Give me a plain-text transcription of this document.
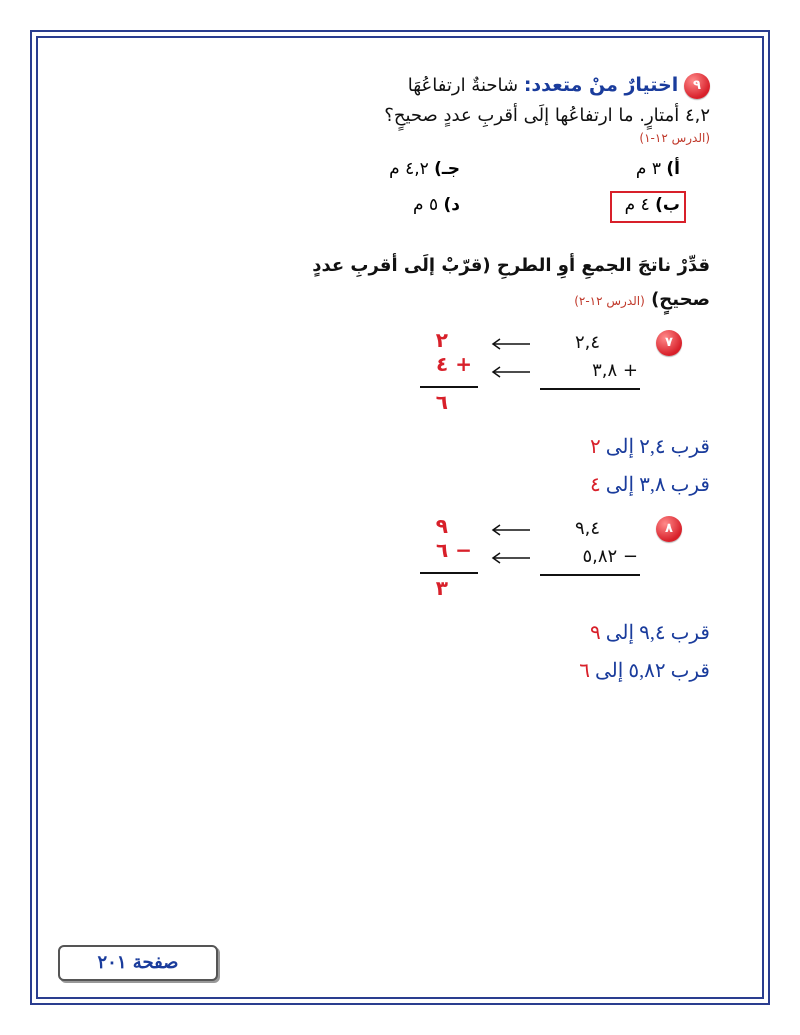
٩ اختيارٌ منْ متعدد: شاحنةٌ ارتفاعُهَا
٤,٢ أمتارٍ. ما ارتفاعُها إلَى أقربِ عددٍ صحيحٍ؟
(الدرس ١٢-١)
أ) ٣ م
جـ) ٤,٢ م
ب) ٤ م
د) ٥ م
قدِّرْ ناتجَ الجمعِ أوِ الطرحِ (قرّبْ إلَى أقربِ عددٍ
صحيحٍ) (الدرس ١٢-٢)
٧
٢,٤
٣,٨ +
٢
٤ +
٦
قرب ٢,٤ إلى ٢
قرب ٣,٨ إلى ٤
٨
٩,٤
٥,٨٢ −
٩
٦ −
٣
قرب ٩,٤ إلى ٩
قرب ٥,٨٢ إلى ٦
صفحة ٢٠١
